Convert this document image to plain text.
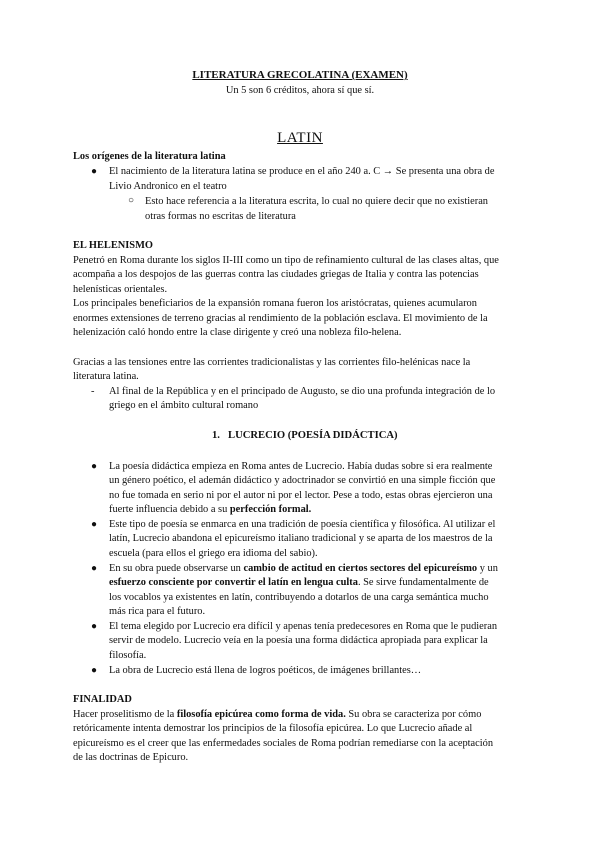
LITERATURA GRECOLATINA (EXAMEN)
Un 5 son 6 créditos, ahora sí que sí.
LATIN
Los orígenes de la literatura latina
● El nacimiento de la literatura latina se produce en el año 240 a. C → Se presenta una obra de
Livio Andronico en el teatro
○ Esto hace referencia a la literatura escrita, lo cual no quiere decir que no existieran
otras formas no escritas de literatura
EL HELENISMO
Penetró en Roma durante los siglos II-III como un tipo de refinamiento cultural de las clases altas, que
acompaña a los despojos de las guerras contra las ciudades griegas de Italia y contra las potencias
helenísticas orientales.
Los principales beneficiarios de la expansión romana fueron los aristócratas, quienes acumularon
enormes extensiones de terreno gracias al rendimiento de la población esclava. El movimiento de la
helenización caló hondo entre la clase dirigente y creó una nobleza filo-helena.
Gracias a las tensiones entre las corrientes tradicionalistas y las corrientes filo-helénicas nace la
literatura latina.
- Al final de la República y en el principado de Augusto, se dio una profunda integración de lo
griego en el ámbito cultural romano
1. LUCRECIO (POESÍA DIDÁCTICA)
● La poesía didáctica empieza en Roma antes de Lucrecio. Había dudas sobre si era realmente
un género poético, el ademán didáctico y adoctrinador se convirtió en una simple ficción que
no fue tomada en serio ni por el autor ni por el lector. Pese a todo, estas obras ejercieron una
fuerte influencia debido a su perfección formal.
● Este tipo de poesía se enmarca en una tradición de poesía científica y filosófica. Al utilizar el
latín, Lucrecio abandona el epicureísmo italiano tradicional y se aparta de los maestros de la
escuela (para ellos el griego era idioma del sabio).
● En su obra puede observarse un cambio de actitud en ciertos sectores del epicureísmo y un
esfuerzo consciente por convertir el latín en lengua culta. Se sirve fundamentalmente de
los vocablos ya existentes en latín, contribuyendo a dotarlos de una carga semántica mucho
más rica para el futuro.
● El tema elegido por Lucrecio era difícil y apenas tenía predecesores en Roma que le pudieran
servir de modelo. Lucrecio veía en la poesía una forma didáctica apropiada para explicar la
filosofía.
● La obra de Lucrecio está llena de logros poéticos, de imágenes brillantes…
FINALIDAD
Hacer proselitismo de la filosofía epicúrea como forma de vida. Su obra se caracteriza por cómo
retóricamente intenta demostrar los principios de la filosofía epicúrea. Lo que Lucrecio añade al
epicureísmo es el creer que las enfermedades sociales de Roma podrían remediarse con la aceptación
de las doctrinas de Epicuro.
